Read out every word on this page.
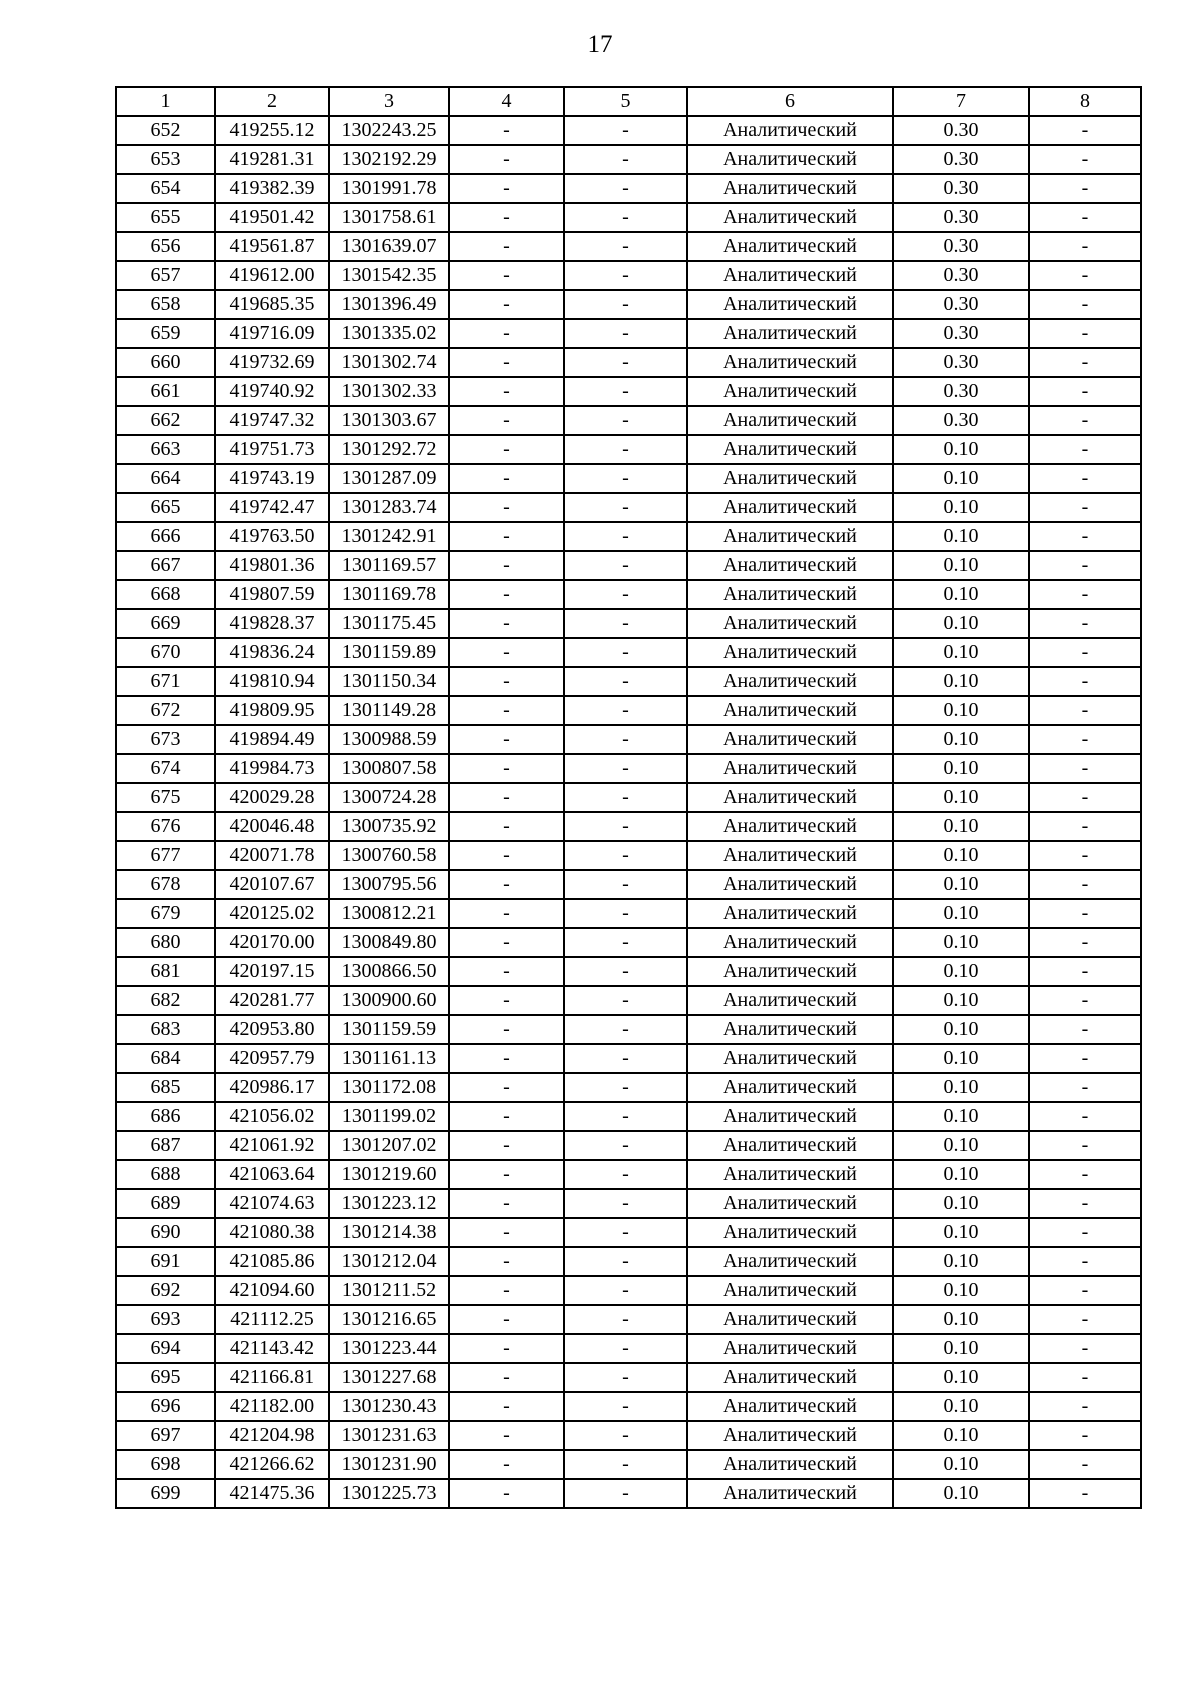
17
1	2	3	4	5	6	7	8
652	419255.12	1302243.25	-	-	Аналитический	0.30	-
653	419281.31	1302192.29	-	-	Аналитический	0.30	-
654	419382.39	1301991.78	-	-	Аналитический	0.30	-
655	419501.42	1301758.61	-	-	Аналитический	0.30	-
656	419561.87	1301639.07	-	-	Аналитический	0.30	-
657	419612.00	1301542.35	-	-	Аналитический	0.30	-
658	419685.35	1301396.49	-	-	Аналитический	0.30	-
659	419716.09	1301335.02	-	-	Аналитический	0.30	-
660	419732.69	1301302.74	-	-	Аналитический	0.30	-
661	419740.92	1301302.33	-	-	Аналитический	0.30	-
662	419747.32	1301303.67	-	-	Аналитический	0.30	-
663	419751.73	1301292.72	-	-	Аналитический	0.10	-
664	419743.19	1301287.09	-	-	Аналитический	0.10	-
665	419742.47	1301283.74	-	-	Аналитический	0.10	-
666	419763.50	1301242.91	-	-	Аналитический	0.10	-
667	419801.36	1301169.57	-	-	Аналитический	0.10	-
668	419807.59	1301169.78	-	-	Аналитический	0.10	-
669	419828.37	1301175.45	-	-	Аналитический	0.10	-
670	419836.24	1301159.89	-	-	Аналитический	0.10	-
671	419810.94	1301150.34	-	-	Аналитический	0.10	-
672	419809.95	1301149.28	-	-	Аналитический	0.10	-
673	419894.49	1300988.59	-	-	Аналитический	0.10	-
674	419984.73	1300807.58	-	-	Аналитический	0.10	-
675	420029.28	1300724.28	-	-	Аналитический	0.10	-
676	420046.48	1300735.92	-	-	Аналитический	0.10	-
677	420071.78	1300760.58	-	-	Аналитический	0.10	-
678	420107.67	1300795.56	-	-	Аналитический	0.10	-
679	420125.02	1300812.21	-	-	Аналитический	0.10	-
680	420170.00	1300849.80	-	-	Аналитический	0.10	-
681	420197.15	1300866.50	-	-	Аналитический	0.10	-
682	420281.77	1300900.60	-	-	Аналитический	0.10	-
683	420953.80	1301159.59	-	-	Аналитический	0.10	-
684	420957.79	1301161.13	-	-	Аналитический	0.10	-
685	420986.17	1301172.08	-	-	Аналитический	0.10	-
686	421056.02	1301199.02	-	-	Аналитический	0.10	-
687	421061.92	1301207.02	-	-	Аналитический	0.10	-
688	421063.64	1301219.60	-	-	Аналитический	0.10	-
689	421074.63	1301223.12	-	-	Аналитический	0.10	-
690	421080.38	1301214.38	-	-	Аналитический	0.10	-
691	421085.86	1301212.04	-	-	Аналитический	0.10	-
692	421094.60	1301211.52	-	-	Аналитический	0.10	-
693	421112.25	1301216.65	-	-	Аналитический	0.10	-
694	421143.42	1301223.44	-	-	Аналитический	0.10	-
695	421166.81	1301227.68	-	-	Аналитический	0.10	-
696	421182.00	1301230.43	-	-	Аналитический	0.10	-
697	421204.98	1301231.63	-	-	Аналитический	0.10	-
698	421266.62	1301231.90	-	-	Аналитический	0.10	-
699	421475.36	1301225.73	-	-	Аналитический	0.10	-
